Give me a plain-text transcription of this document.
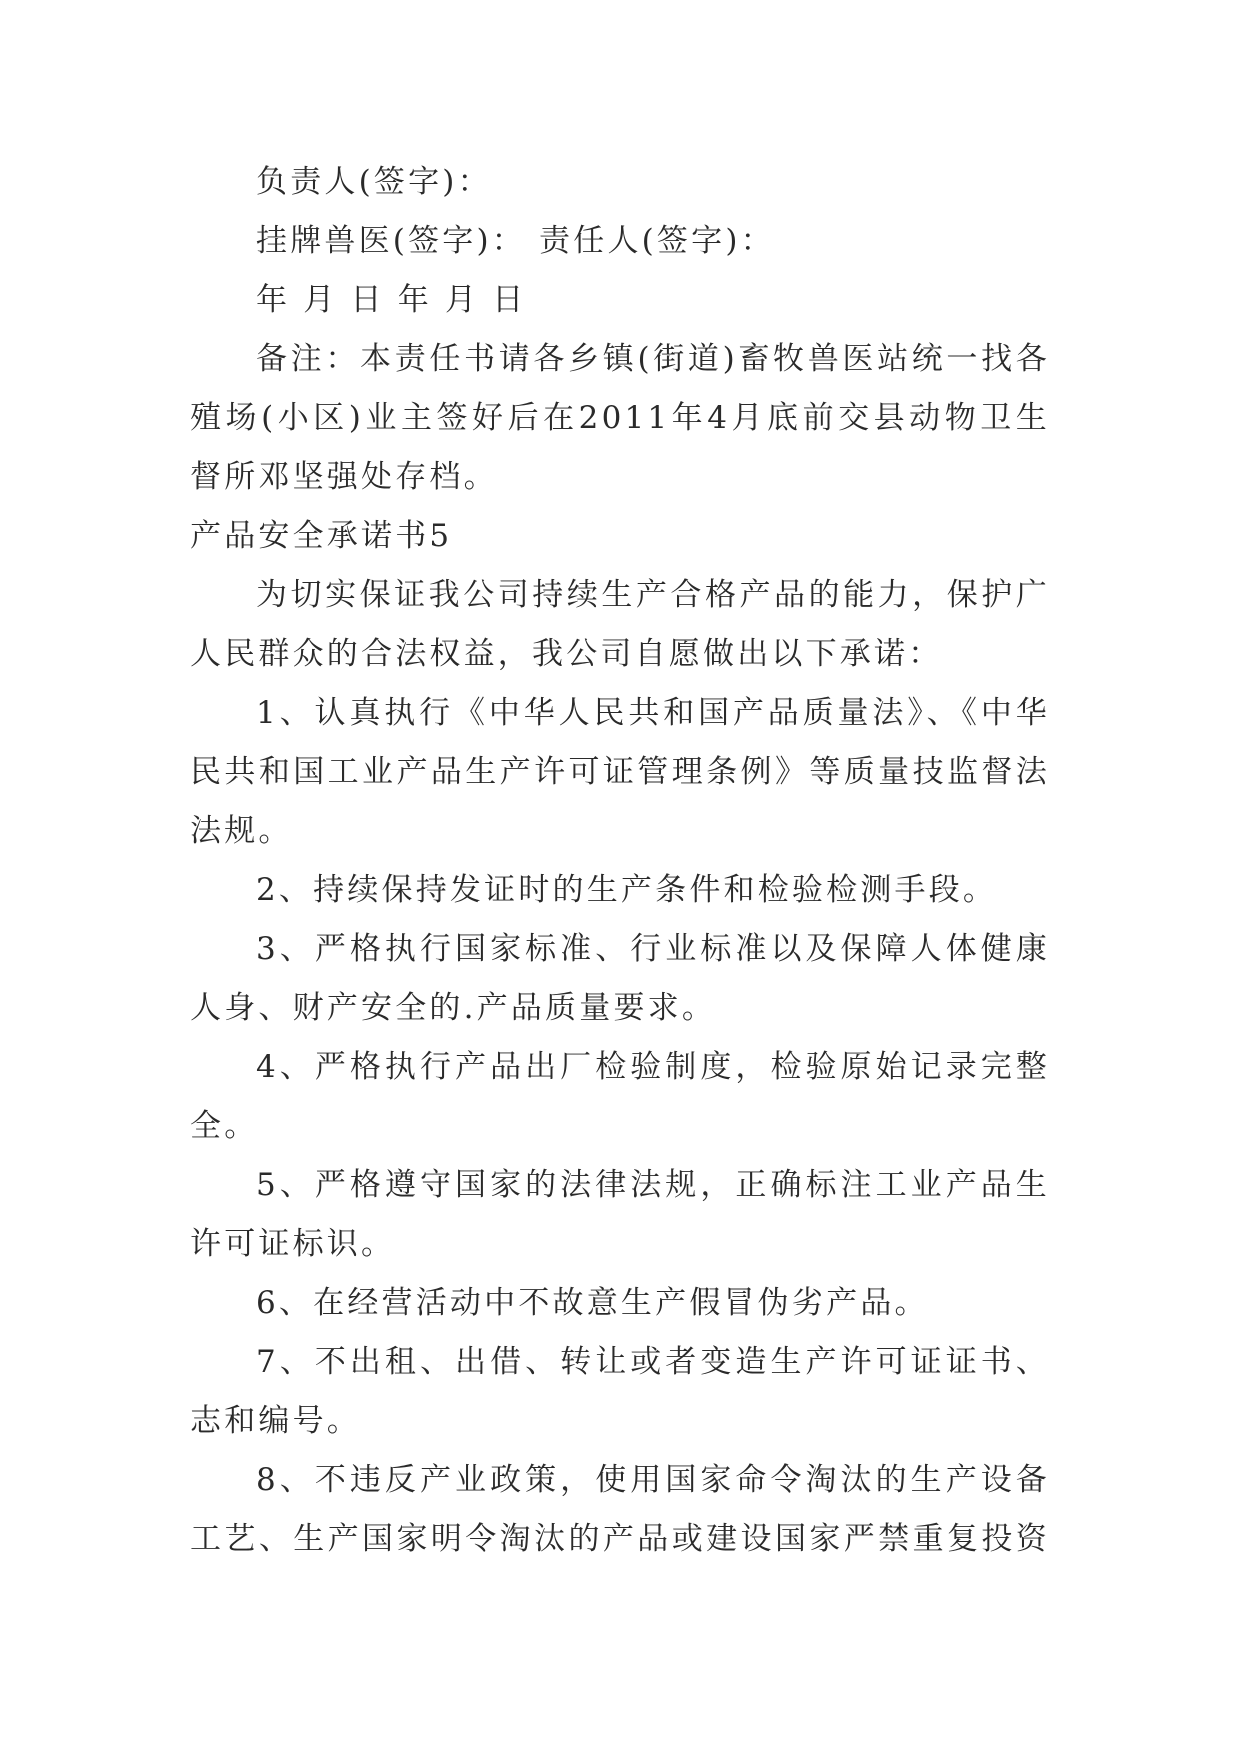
负责人(签字)：
挂牌兽医(签字)： 责任人(签字)：
年 月 日 年 月 日
备注：本责任书请各乡镇(街道)畜牧兽医站统一找各
殖场(小区)业主签好后在2011年4月底前交县动物卫生
督所邓坚强处存档。
产品安全承诺书5
为切实保证我公司持续生产合格产品的能力，保护广
人民群众的合法权益，我公司自愿做出以下承诺：
1、认真执行《中华人民共和国产品质量法》、《中华
民共和国工业产品生产许可证管理条例》等质量技监督法
法规。
2、持续保持发证时的生产条件和检验检测手段。
3、严格执行国家标准、行业标准以及保障人体健康
人身、财产安全的.产品质量要求。
4、严格执行产品出厂检验制度，检验原始记录完整
全。
5、严格遵守国家的法律法规，正确标注工业产品生
许可证标识。
6、在经营活动中不故意生产假冒伪劣产品。
7、不出租、出借、转让或者变造生产许可证证书、
志和编号。
8、不违反产业政策，使用国家命令淘汰的生产设备
工艺、生产国家明令淘汰的产品或建设国家严禁重复投资
